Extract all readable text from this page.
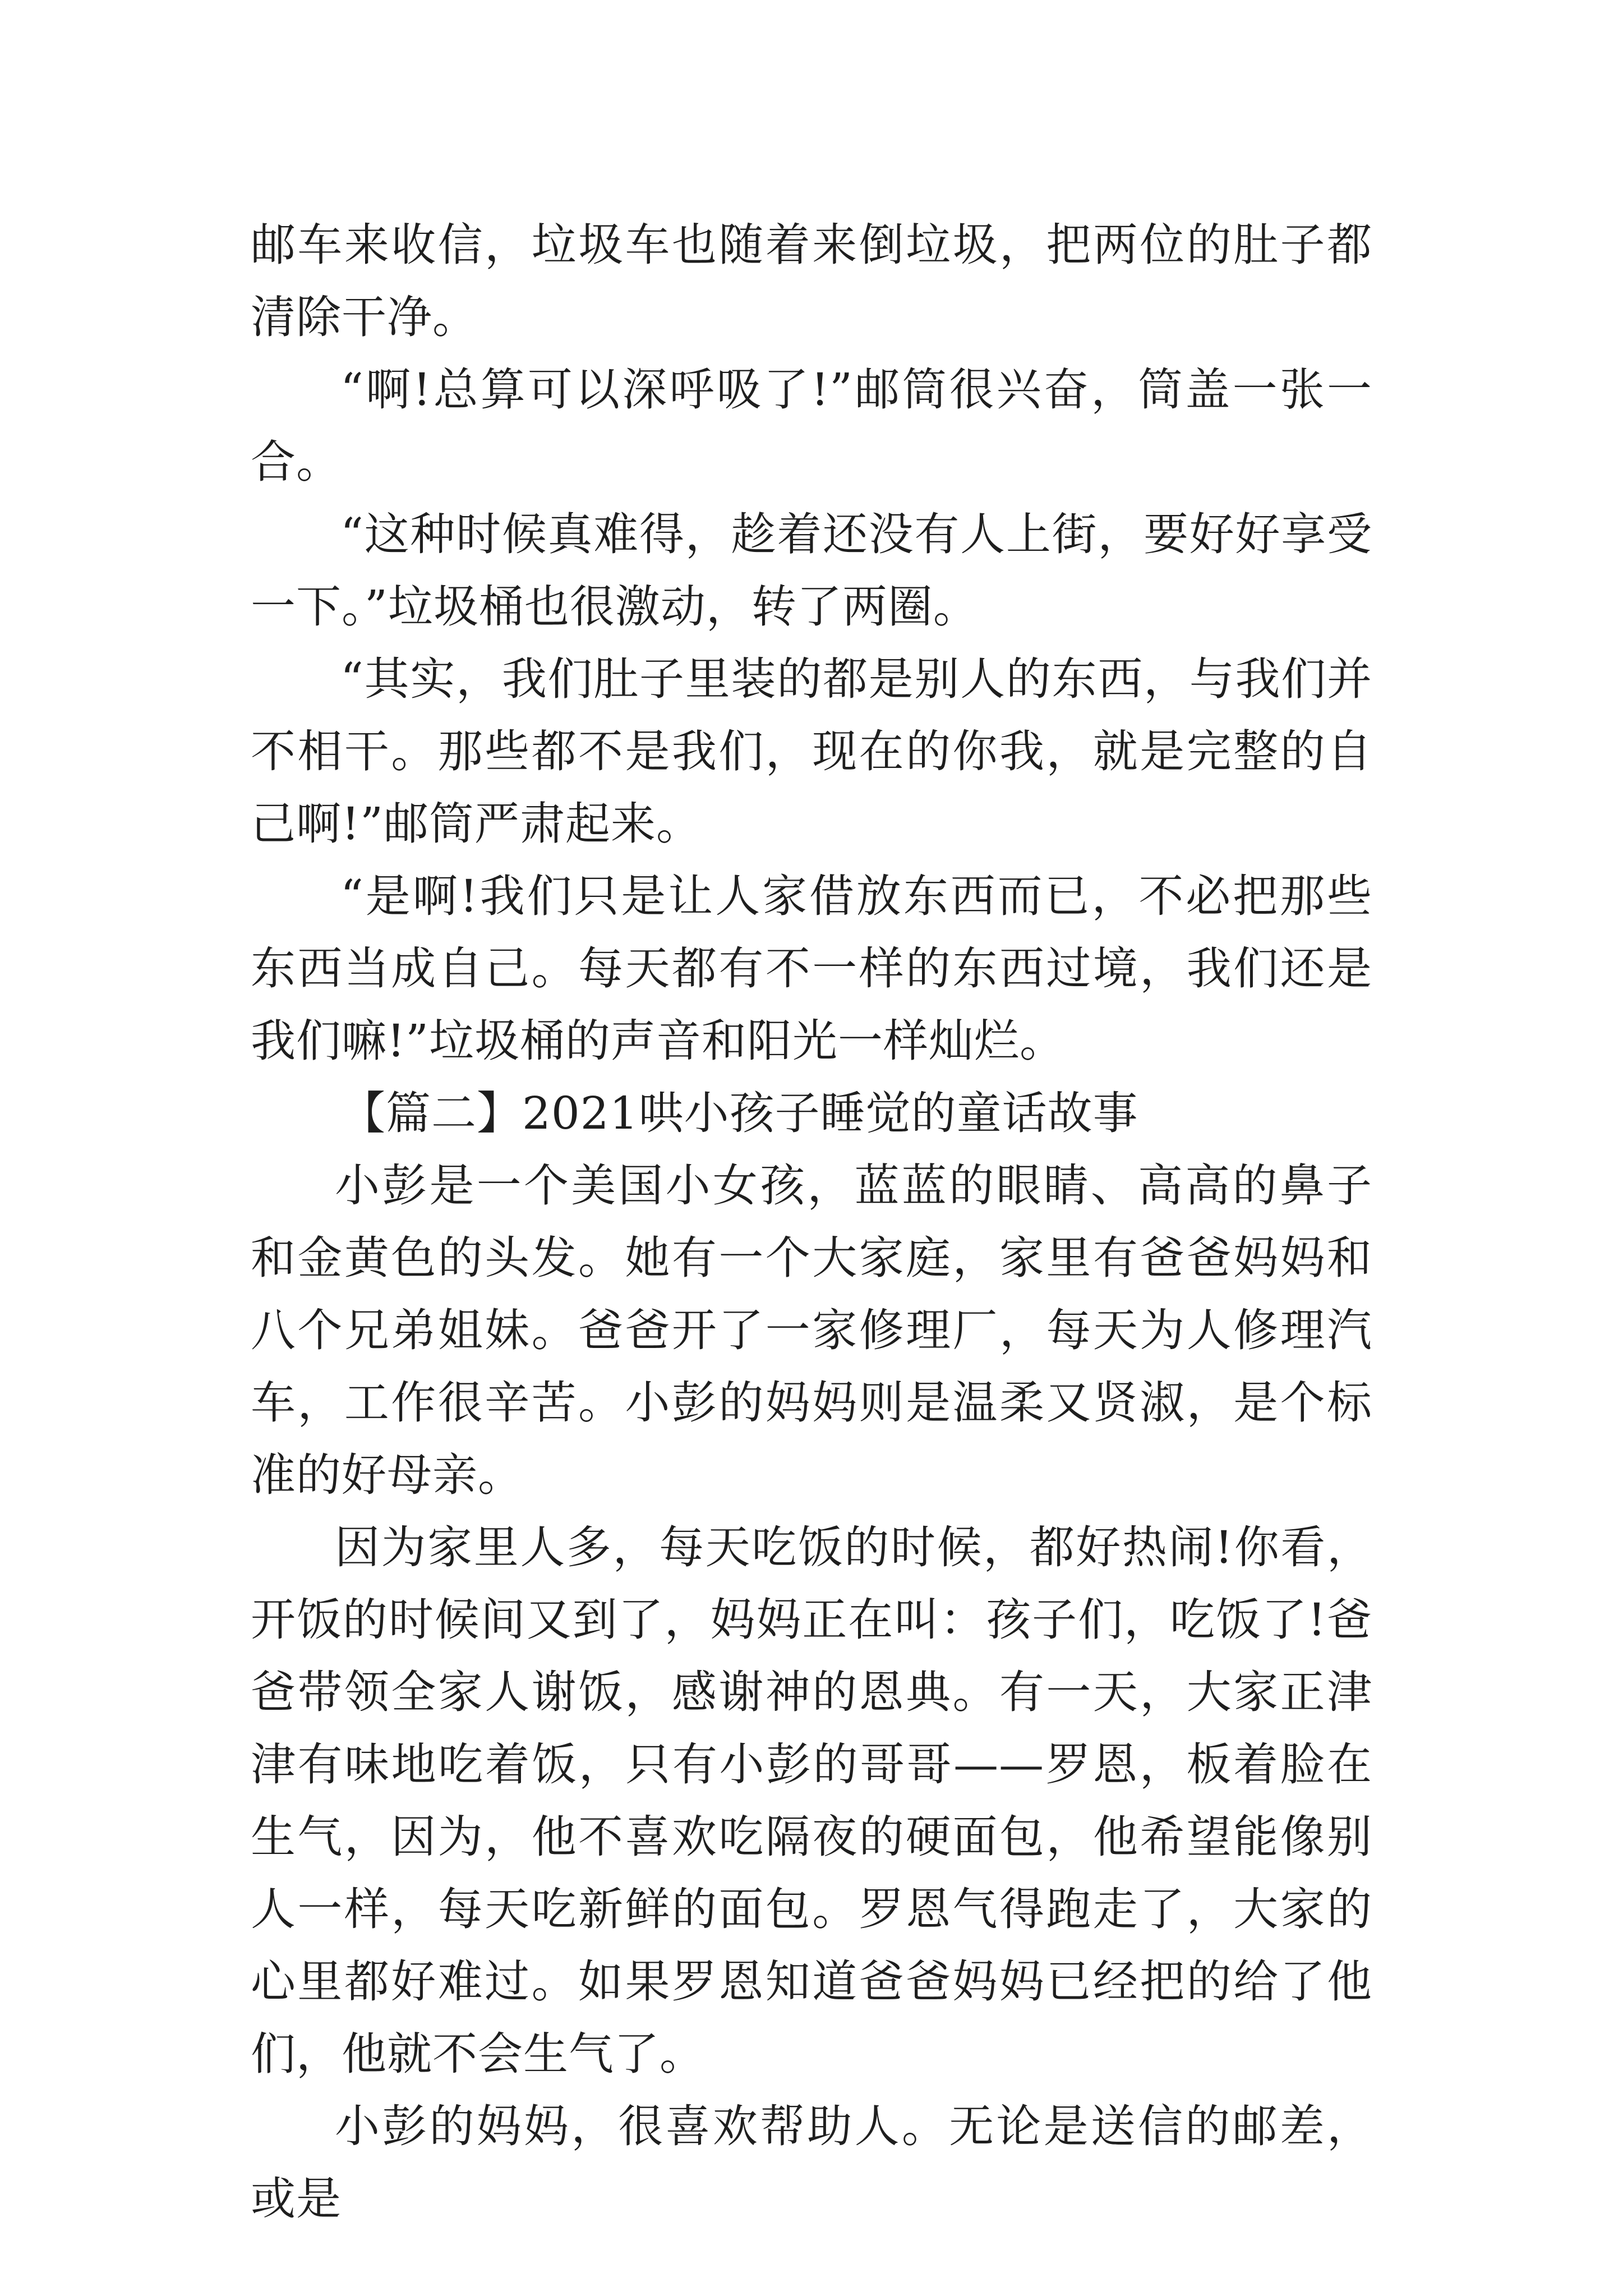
邮车来收信，垃圾车也随着来倒垃圾，把两位的肚子都清除干净。

“啊!总算可以深呼吸了!”邮筒很兴奋，筒盖一张一合。

“这种时候真难得，趁着还没有人上街，要好好享受一下。”垃圾桶也很激动，转了两圈。

“其实，我们肚子里装的都是别人的东西，与我们并不相干。那些都不是我们，现在的你我，就是完整的自己啊!”邮筒严肃起来。

“是啊!我们只是让人家借放东西而已，不必把那些东西当成自己。每天都有不一样的东西过境，我们还是我们嘛!”垃圾桶的声音和阳光一样灿烂。

【篇二】2021哄小孩子睡觉的童话故事

小彭是一个美国小女孩，蓝蓝的眼睛、高高的鼻子和金黄色的头发。她有一个大家庭，家里有爸爸妈妈和八个兄弟姐妹。爸爸开了一家修理厂，每天为人修理汽车，工作很辛苦。小彭的妈妈则是温柔又贤淑，是个标准的好母亲。

因为家里人多，每天吃饭的时候，都好热闹!你看，开饭的时候间又到了，妈妈正在叫：孩子们，吃饭了!爸爸带领全家人谢饭，感谢神的恩典。有一天，大家正津津有味地吃着饭，只有小彭的哥哥——罗恩，板着脸在生气，因为，他不喜欢吃隔夜的硬面包，他希望能像别人一样，每天吃新鲜的面包。罗恩气得跑走了，大家的心里都好难过。如果罗恩知道爸爸妈妈已经把的给了他们，他就不会生气了。

小彭的妈妈，很喜欢帮助人。无论是送信的邮差，或是
